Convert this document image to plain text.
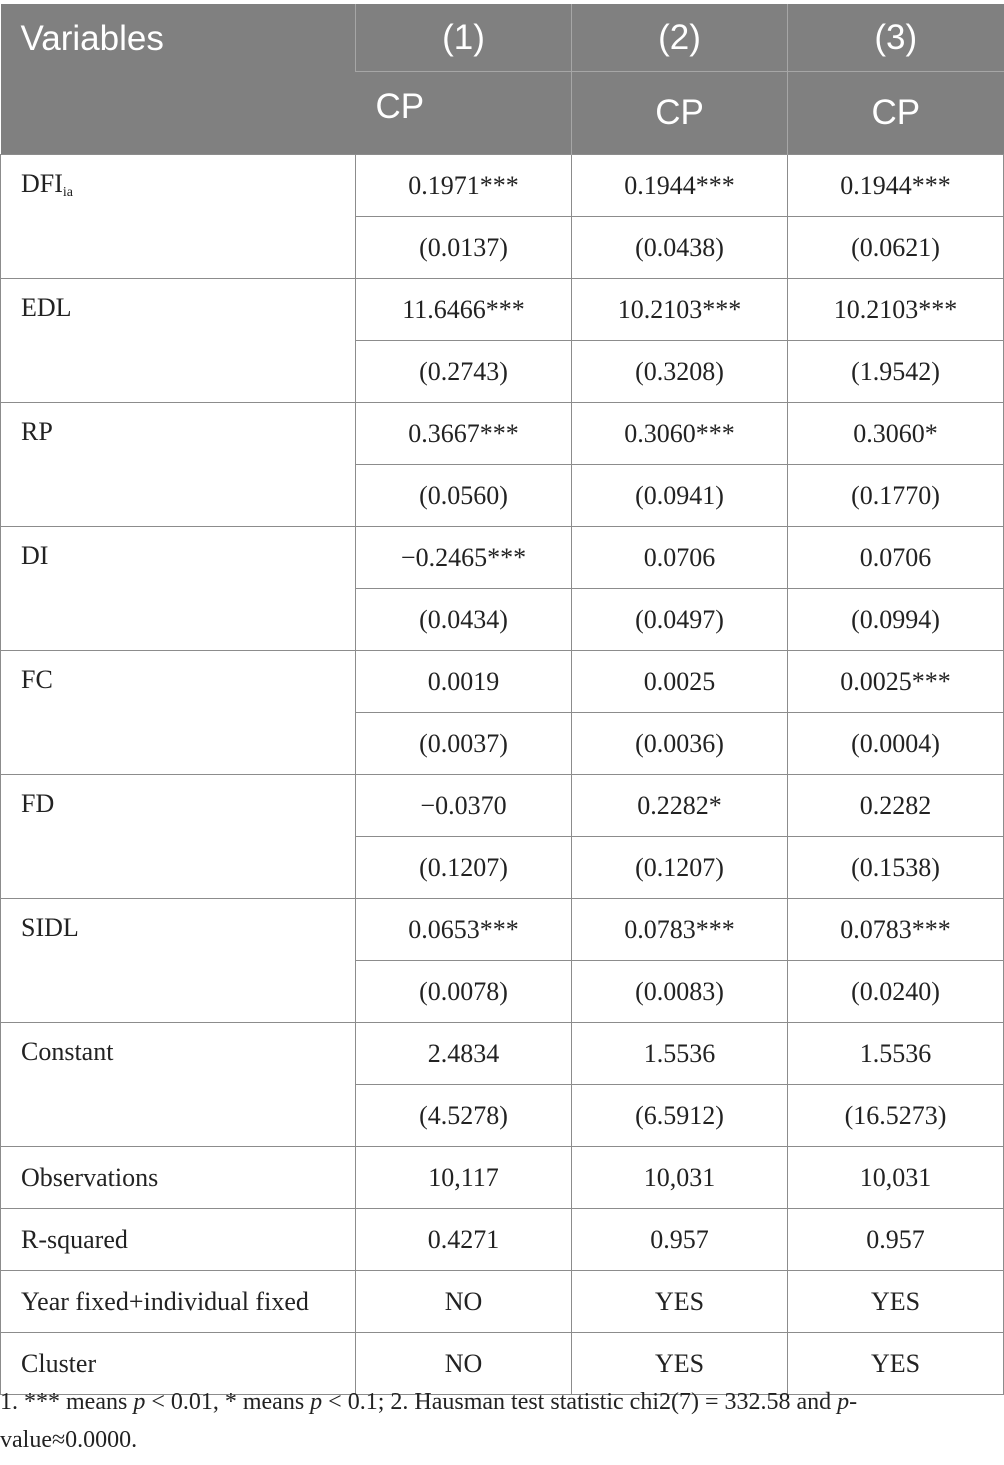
Variables	(1)	(2)	(3)
	CP	CP	CP
$DFI_{ia}$	0.1971***	0.1944***	0.1944***
	(0.0137)	(0.0438)	(0.0621)
EDL	11.6466***	10.2103***	10.2103***
	(0.2743)	(0.3208)	(1.9542)
RP	0.3667***	0.3060***	0.3060*
	(0.0560)	(0.0941)	(0.1770)
DI	−0.2465***	0.0706	0.0706
	(0.0434)	(0.0497)	(0.0994)
FC	0.0019	0.0025	0.0025***
	(0.0037)	(0.0036)	(0.0004)
FD	−0.0370	0.2282*	0.2282
	(0.1207)	(0.1207)	(0.1538)
SIDL	0.0653***	0.0783***	0.0783***
	(0.0078)	(0.0083)	(0.0240)
Constant	2.4834	1.5536	1.5536
	(4.5278)	(6.5912)	(16.5273)
Observations	10,117	10,031	10,031
R-squared	0.4271	0.957	0.957
Year fixed+individual fixed	NO	YES	YES
Cluster	NO	YES	YES
1. *** means p < 0.01, * means p < 0.1; 2. Hausman test statistic chi2(7) = 332.58 and p-value≈0.0000.
